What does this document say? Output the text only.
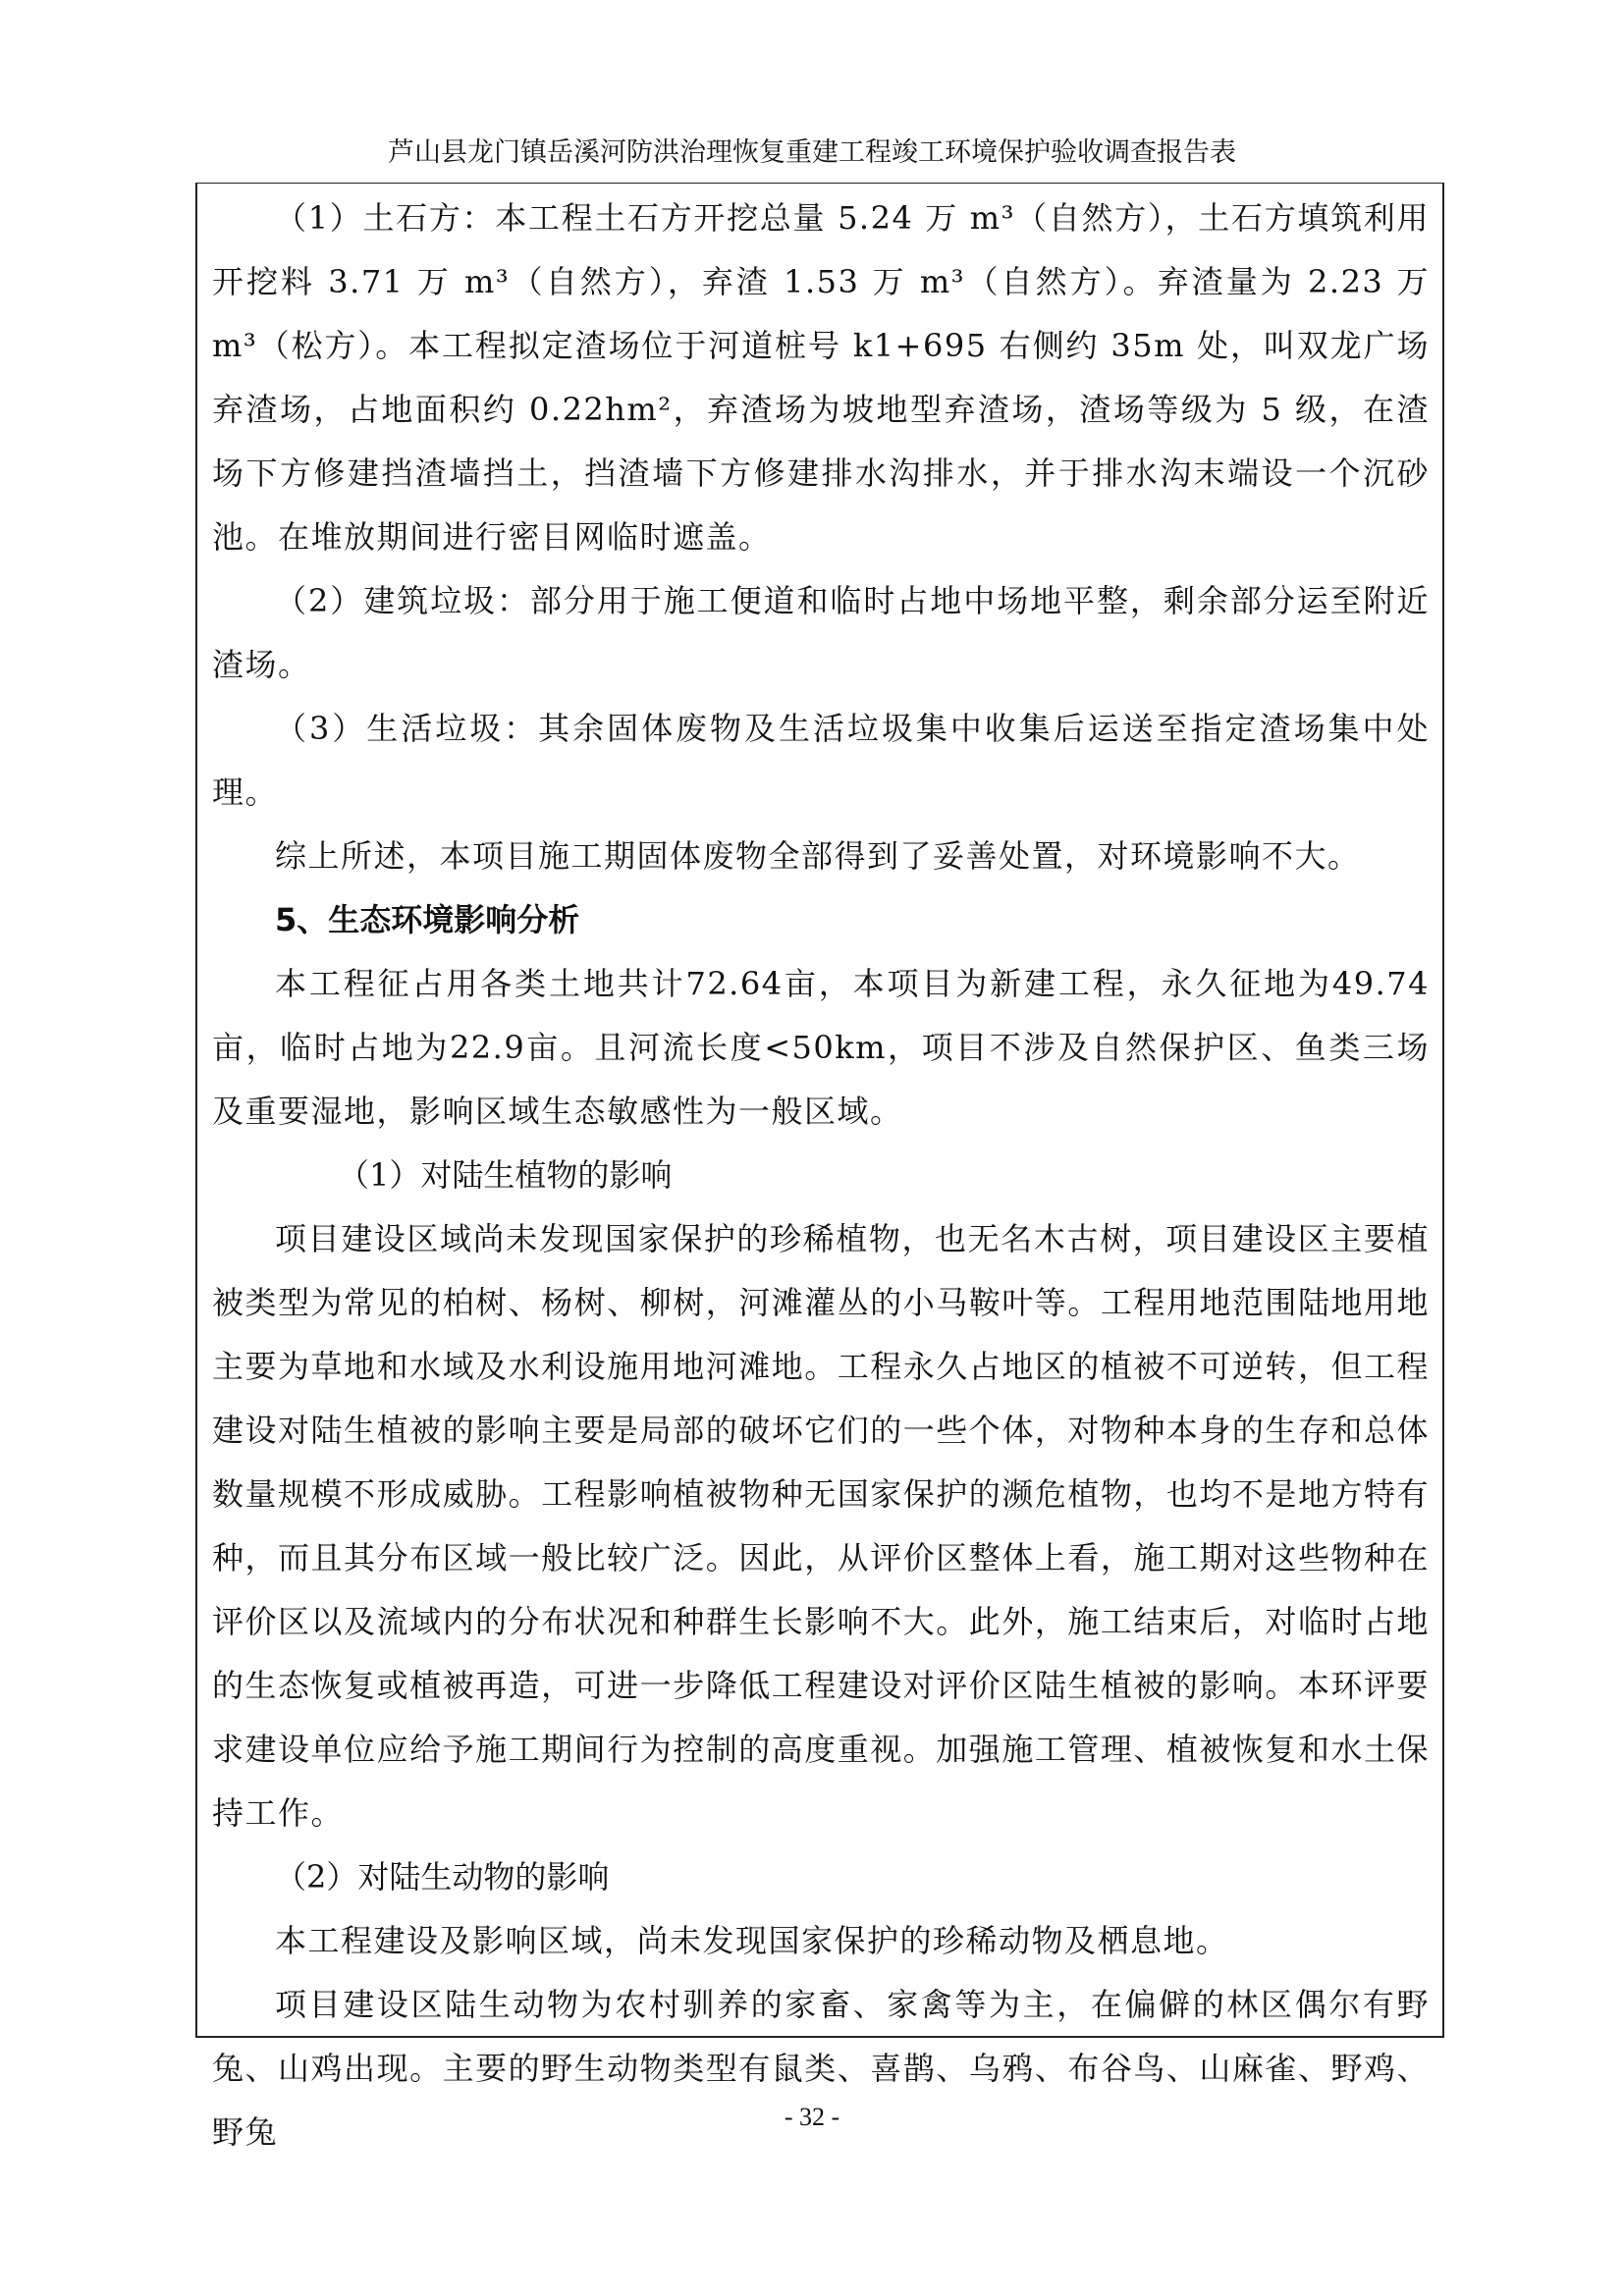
芦山县龙门镇岳溪河防洪治理恢复重建工程竣工环境保护验收调查报告表

（1）土石方：本工程土石方开挖总量 5.24 万 m³（自然方），土石方填筑利用开挖料 3.71 万 m³（自然方），弃渣 1.53 万 m³（自然方）。弃渣量为 2.23 万 m³（松方）。本工程拟定渣场位于河道桩号 k1+695 右侧约 35m 处，叫双龙广场弃渣场，占地面积约 0.22hm²，弃渣场为坡地型弃渣场，渣场等级为 5 级，在渣场下方修建挡渣墙挡土，挡渣墙下方修建排水沟排水，并于排水沟末端设一个沉砂池。在堆放期间进行密目网临时遮盖。

（2）建筑垃圾：部分用于施工便道和临时占地中场地平整，剩余部分运至附近渣场。

（3）生活垃圾：其余固体废物及生活垃圾集中收集后运送至指定渣场集中处理。

综上所述，本项目施工期固体废物全部得到了妥善处置，对环境影响不大。

5、生态环境影响分析

本工程征占用各类土地共计72.64亩，本项目为新建工程，永久征地为49.74亩，临时占地为22.9亩。且河流长度<50km，项目不涉及自然保护区、鱼类三场及重要湿地，影响区域生态敏感性为一般区域。

（1）对陆生植物的影响

项目建设区域尚未发现国家保护的珍稀植物，也无名木古树，项目建设区主要植被类型为常见的柏树、杨树、柳树，河滩灌丛的小马鞍叶等。工程用地范围陆地用地主要为草地和水域及水利设施用地河滩地。工程永久占地区的植被不可逆转，但工程建设对陆生植被的影响主要是局部的破坏它们的一些个体，对物种本身的生存和总体数量规模不形成威胁。工程影响植被物种无国家保护的濒危植物，也均不是地方特有种，而且其分布区域一般比较广泛。因此，从评价区整体上看，施工期对这些物种在评价区以及流域内的分布状况和种群生长影响不大。此外，施工结束后，对临时占地的生态恢复或植被再造，可进一步降低工程建设对评价区陆生植被的影响。本环评要求建设单位应给予施工期间行为控制的高度重视。加强施工管理、植被恢复和水土保持工作。

（2）对陆生动物的影响

本工程建设及影响区域，尚未发现国家保护的珍稀动物及栖息地。

项目建设区陆生动物为农村驯养的家畜、家禽等为主，在偏僻的林区偶尔有野兔、山鸡出现。主要的野生动物类型有鼠类、喜鹊、乌鸦、布谷鸟、山麻雀、野鸡、野兔	- 32 -
